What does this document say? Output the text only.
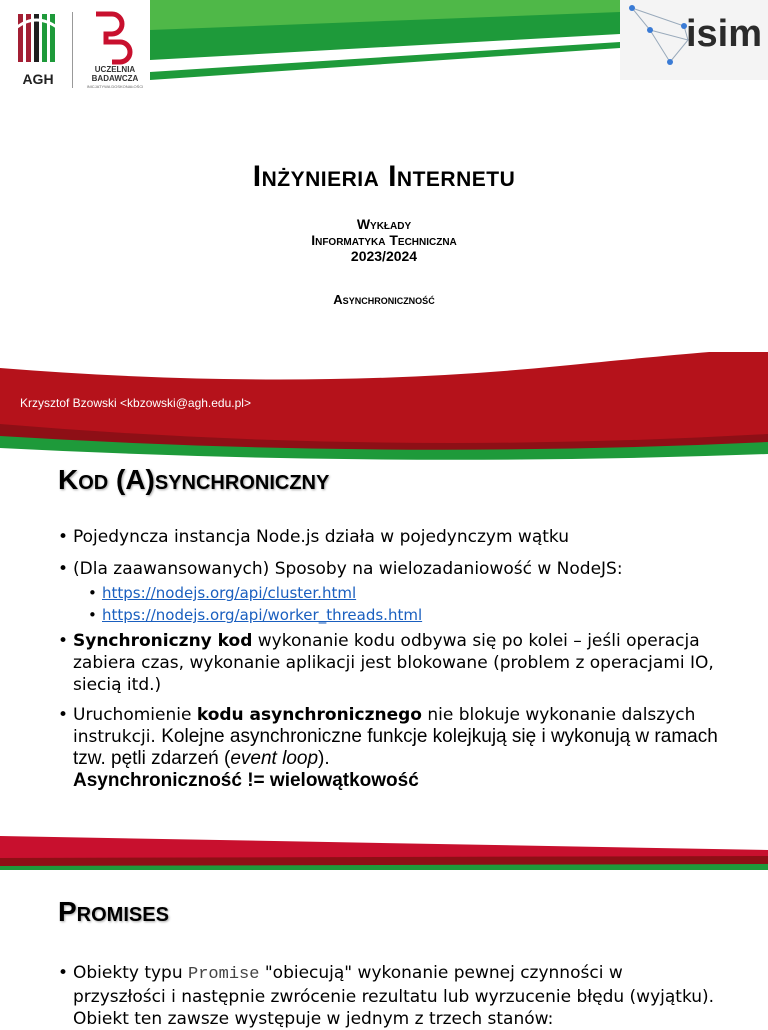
AGH
UCZELNIA
BADAWCZA
INICJATYWA DOSKONAŁOŚCI
isim
Inżynieria Internetu
Wykłady
Informatyka Techniczna
2023/2024
Asynchroniczność
Krzysztof Bzowski <kbzowski@agh.edu.pl>
Kod (A)synchroniczny
• Pojedyncza instancja Node.js działa w pojedynczym wątku
• (Dla zaawansowanych) Sposoby na wielozadaniowość w NodeJS:
• https://nodejs.org/api/cluster.html
• https://nodejs.org/api/worker_threads.html
• Synchroniczny kod wykonanie kodu odbywa się po kolei – jeśli operacja zabiera czas, wykonanie aplikacji jest blokowane (problem z operacjami IO, siecią itd.)
• Uruchomienie kodu asynchronicznego nie blokuje wykonanie dalszych instrukcji. Kolejne asynchroniczne funkcje kolejkują się i wykonują w ramach tzw. pętli zdarzeń (event loop).
Asynchroniczność != wielowątkowość
Promises
• Obiekty typu Promise "obiecują" wykonanie pewnej czynności w przyszłości i następnie zwrócenie rezultatu lub wyrzucenie błędu (wyjątku). Obiekt ten zawsze występuje w jednym z trzech stanów:
